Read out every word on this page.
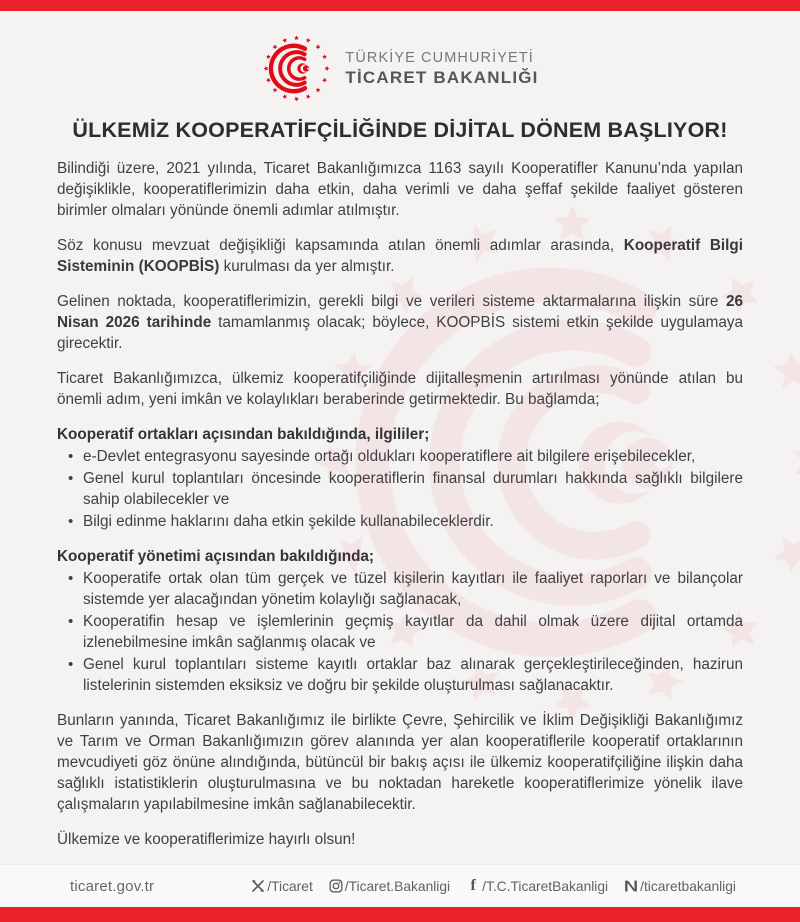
TÜRKİYE CUMHURİYETİ
TİCARET BAKANLIĞI
ÜLKEMİZ KOOPERATİFÇİLİĞİNDE DİJİTAL DÖNEM BAŞLIYOR!

Bilindiği üzere, 2021 yılında, Ticaret Bakanlığımızca 1163 sayılı Kooperatifler Kanunu’nda yapılan değişiklikle, kooperatiflerimizin daha etkin, daha verimli ve daha şeffaf şekilde faaliyet gösteren birimler olmaları yönünde önemli adımlar atılmıştır.

Söz konusu mevzuat değişikliği kapsamında atılan önemli adımlar arasında, Kooperatif Bilgi Sisteminin (KOOPBİS) kurulması da yer almıştır.

Gelinen noktada, kooperatiflerimizin, gerekli bilgi ve verileri sisteme aktarmalarına ilişkin süre 26 Nisan 2026 tarihinde tamamlanmış olacak; böylece, KOOPBİS sistemi etkin şekilde uygulamaya girecektir.

Ticaret Bakanlığımızca, ülkemiz kooperatifçiliğinde dijitalleşmenin artırılması yönünde atılan bu önemli adım, yeni imkân ve kolaylıkları beraberinde getirmektedir. Bu bağlamda;

Kooperatif ortakları açısından bakıldığında, ilgililer;
• e-Devlet entegrasyonu sayesinde ortağı oldukları kooperatiflere ait bilgilere erişebilecekler,
• Genel kurul toplantıları öncesinde kooperatiflerin finansal durumları hakkında sağlıklı bilgilere sahip olabilecekler ve
• Bilgi edinme haklarını daha etkin şekilde kullanabileceklerdir.
Kooperatif yönetimi açısından bakıldığında;
• Kooperatife ortak olan tüm gerçek ve tüzel kişilerin kayıtları ile faaliyet raporları ve bilançolar sistemde yer alacağından yönetim kolaylığı sağlanacak,
• Kooperatifin hesap ve işlemlerinin geçmiş kayıtlar da dahil olmak üzere dijital ortamda izlenebilmesine imkân sağlanmış olacak ve
• Genel kurul toplantıları sisteme kayıtlı ortaklar baz alınarak gerçekleştirileceğinden, hazirun listelerinin sistemden eksiksiz ve doğru bir şekilde oluşturulması sağlanacaktır.

Bunların yanında, Ticaret Bakanlığımız ile birlikte Çevre, Şehircilik ve İklim Değişikliği Bakanlığımız ve Tarım ve Orman Bakanlığımızın görev alanında yer alan kooperatiflerile kooperatif ortaklarının mevcudiyeti göz önüne alındığında, bütüncül bir bakış açısı ile ülkemiz kooperatifçiliğine ilişkin daha sağlıklı istatistiklerin oluşturulmasına ve bu noktadan hareketle kooperatiflerimize yönelik ilave çalışmaların yapılabilmesine imkân sağlanabilecektir.

Ülkemize ve kooperatiflerimize hayırlı olsun!

ticaret.gov.tr	/Ticaret /Ticaret.Bakanligi f /T.C.TicaretBakanligi /ticaretbakanligi
